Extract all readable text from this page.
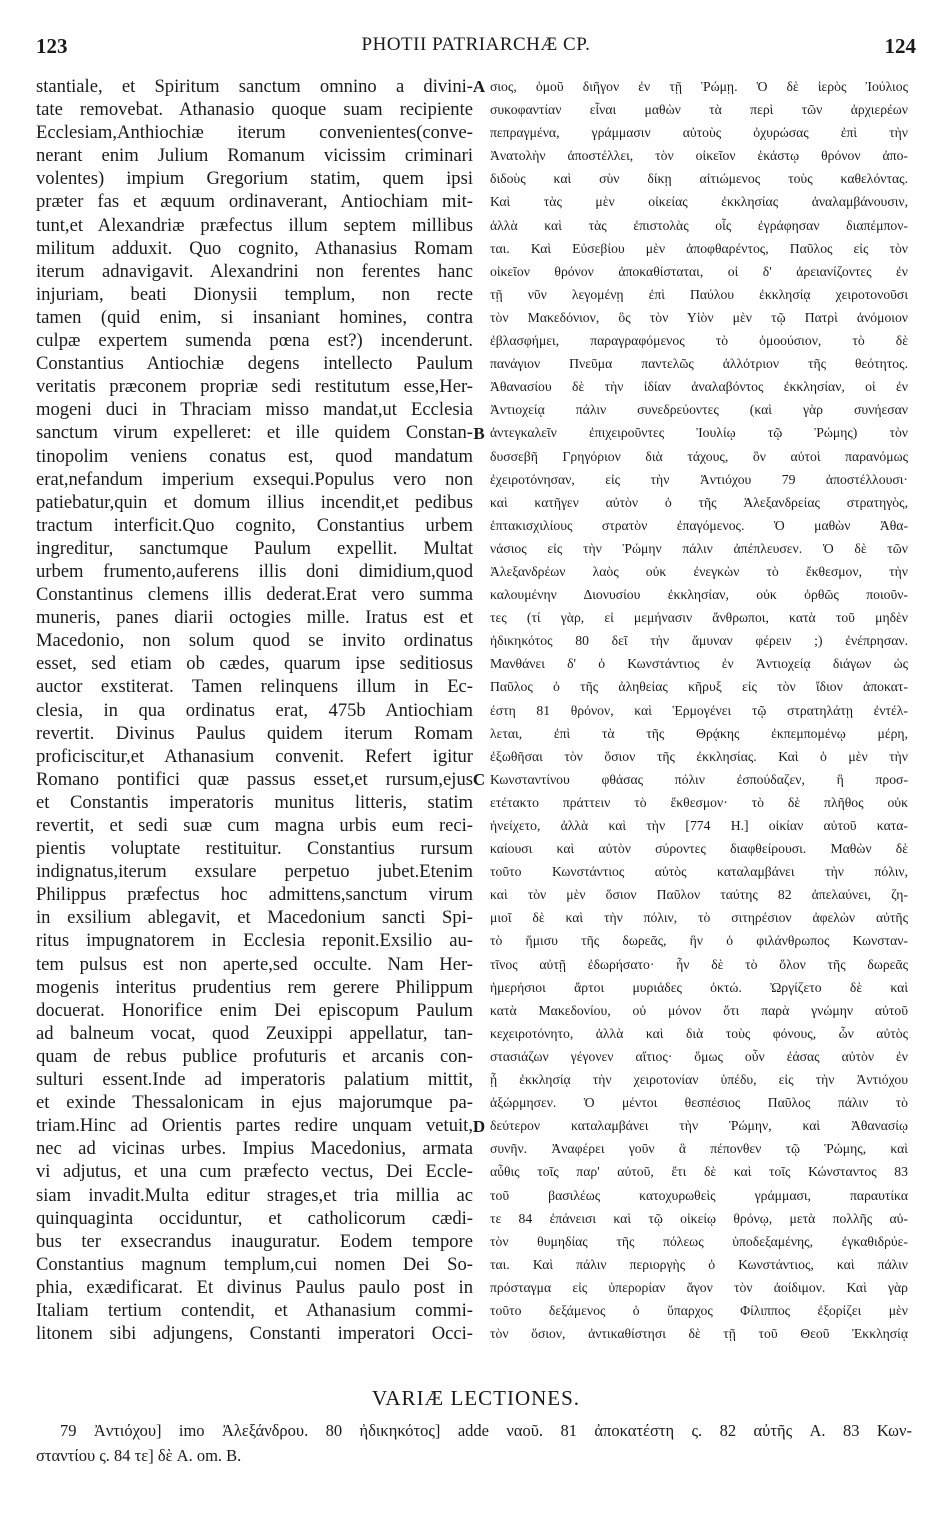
123	PHOTII PATRIARCHÆ CP.	124
stantiale, et Spiritum sanctum omnino a divini-
tate removebat. Athanasio quoque suam recipiente
Ecclesiam,Anthiochiæ iterum convenientes(conve-
nerant enim Julium Romanum vicissim criminari
volentes) impium Gregorium statim, quem ipsi
præter fas et æquum ordinaverant, Antiochiam mit-
tunt,et Alexandriæ præfectus illum septem millibus
militum adduxit. Quo cognito, Athanasius Romam
iterum adnavigavit. Alexandrini non ferentes hanc
injuriam, beati Dionysii templum, non recte
tamen (quid enim, si insaniant homines, contra
culpæ expertem sumenda pœna est?) incenderunt.
Constantius Antiochiæ degens intellecto Paulum
veritatis præconem propriæ sedi restitutum esse,Her-
mogeni duci in Thraciam misso mandat,ut Ecclesia
sanctum virum expelleret: et ille quidem Constan-
tinopolim veniens conatus est, quod mandatum
erat,nefandum imperium exsequi.Populus vero non
patiebatur,quin et domum illius incendit,et pedibus
tractum interficit.Quo cognito, Constantius urbem
ingreditur, sanctumque Paulum expellit. Multat
urbem frumento,auferens illis doni dimidium,quod
Constantinus clemens illis dederat.Erat vero summa
muneris, panes diarii octogies mille. Iratus est et
Macedonio, non solum quod se invito ordinatus
esset, sed etiam ob cædes, quarum ipse seditiosus
auctor exstiterat. Tamen relinquens illum in Ec-
clesia, in qua ordinatus erat, 475b Antiochiam
revertit. Divinus Paulus quidem iterum Romam
proficiscitur,et Athanasium convenit. Refert igitur
Romano pontifici quæ passus esset,et rursum,ejus
et Constantis imperatoris munitus litteris, statim
revertit, et sedi suæ cum magna urbis eum reci-
pientis voluptate restituitur. Constantius rursum
indignatus,iterum exsulare perpetuo jubet.Etenim
Philippus præfectus hoc admittens,sanctum virum
in exsilium ablegavit, et Macedonium sancti Spi-
ritus impugnatorem in Ecclesia reponit.Exsilio au-
tem pulsus est non aperte,sed occulte. Nam Her-
mogenis interitus prudentius rem gerere Philippum
docuerat. Honorifice enim Dei episcopum Paulum
ad balneum vocat, quod Zeuxippi appellatur, tan-
quam de rebus publice profuturis et arcanis con-
sulturi essent.Inde ad imperatoris palatium mittit,
et exinde Thessalonicam in ejus majorumque pa-
triam.Hinc ad Orientis partes redire unquam vetuit,
nec ad vicinas urbes. Impius Macedonius, armata
vi adjutus, et una cum præfecto vectus, Dei Eccle-
siam invadit.Multa editur strages,et tria millia ac
quinquaginta occiduntur, et catholicorum cædi-
bus ter exsecrandus inauguratur. Eodem tempore
Constantius magnum templum,cui nomen Dei So-
phia, exædificarat. Et divinus Paulus paulo post in
Italiam tertium contendit, et Athanasium commi-
litonem sibi adjungens, Constanti imperatori Occi-
A
B
C
D
σιος, ὁμοῦ διῆγον ἐν τῇ Ῥώμῃ. Ὁ δὲ ἱερὸς Ἰούλιος
συκοφαντίαν εἶναι μαθὼν τὰ περὶ τῶν ἀρχιερέων
πεπραγμένα, γράμμασιν αὐτοὺς ὀχυρώσας ἐπὶ τὴν
Ἀνατολὴν ἀποστέλλει, τὸν οἰκεῖον ἑκάστῳ θρόνον ἀπο-
διδοὺς καὶ σὺν δίκῃ αἰτιώμενος τοὺς καθελόντας.
Καὶ τὰς μὲν οἰκείας ἐκκλησίας ἀναλαμβάνουσιν,
ἀλλὰ καὶ τὰς ἐπιστολὰς οἷς ἐγράφησαν διαπέμπον-
ται. Καὶ Εὐσεβίου μὲν ἀποφθαρέντος, Παῦλος εἰς τὸν
οἰκεῖον θρόνον ἀποκαθίσταται, οἱ δ' ἀρειανίζοντες ἐν
τῇ νῦν λεγομένῃ ἐπὶ Παύλου ἐκκλησίᾳ χειροτονοῦσι
τὸν Μακεδόνιον, ὃς τὸν Υἱὸν μὲν τῷ Πατρὶ ἀνόμοιον
ἐβλασφήμει, παραγραφόμενος τὸ ὁμοούσιον, τὸ δὲ
πανάγιον Πνεῦμα παντελῶς ἀλλότριον τῆς θεότητος.
Ἀθανασίου δὲ τὴν ἰδίαν ἀναλαβόντος ἐκκλησίαν, οἱ ἐν
Ἀντιοχείᾳ πάλιν συνεδρεύοντες (καὶ γὰρ συνήεσαν
ἀντεγκαλεῖν ἐπιχειροῦντες Ἰουλίῳ τῷ Ῥώμης) τὸν
δυσσεβῆ Γρηγόριον διὰ τάχους, ὃν αὐτοὶ παρανόμως
ἐχειροτόνησαν, εἰς τὴν Ἀντιόχου 79 ἀποστέλλουσι·
καὶ κατῆγεν αὐτὸν ὁ τῆς Ἀλεξανδρείας στρατηγὸς,
ἑπτακισχιλίους στρατὸν ἐπαγόμενος. Ὁ μαθὼν Ἀθα-
νάσιος εἰς τὴν Ῥώμην πάλιν ἀπέπλευσεν. Ὁ δὲ τῶν
Ἀλεξανδρέων λαὸς οὐκ ἐνεγκὼν τὸ ἔκθεσμον, τὴν
καλουμένην Διονυσίου ἐκκλησίαν, οὐκ ὀρθῶς ποιοῦν-
τες (τί γὰρ, εἰ μεμήνασιν ἄνθρωποι, κατὰ τοῦ μηδὲν
ἠδικηκότος 80 δεῖ τὴν ἄμυναν φέρειν ;) ἐνέπρησαν.
Μανθάνει δ' ὁ Κωνστάντιος ἐν Ἀντιοχείᾳ διάγων ὡς
Παῦλος ὁ τῆς ἀληθείας κῆρυξ εἰς τὸν ἴδιον ἀποκατ-
έστη 81 θρόνον, καὶ Ἑρμογένει τῷ στρατηλάτῃ ἐντέλ-
λεται, ἐπὶ τὰ τῆς Θρᾴκης ἐκπεμπομένῳ μέρη,
ἐξωθῆσαι τὸν ὅσιον τῆς ἐκκλησίας. Καὶ ὁ μὲν τὴν
Κωνσταντίνου φθάσας πόλιν ἐσπούδαζεν, ἣ προσ-
ετέτακτο πράττειν τὸ ἔκθεσμον· τὸ δὲ πλῆθος οὐκ
ἠνείχετο, ἀλλὰ καὶ τὴν [774 H.] οἰκίαν αὐτοῦ κατα-
καίουσι καὶ αὐτὸν σύροντες διαφθείρουσι. Μαθὼν δὲ
τοῦτο Κωνστάντιος αὐτὸς καταλαμβάνει τὴν πόλιν,
καὶ τὸν μὲν ὅσιον Παῦλον ταύτης 82 ἀπελαύνει, ζη-
μιοῖ δὲ καὶ τὴν πόλιν, τὸ σιτηρέσιον ἀφελὼν αὐτῆς
τὸ ἥμισυ τῆς δωρεᾶς, ἣν ὁ φιλάνθρωπος Κωνσταν-
τῖνος αὐτῇ ἐδωρήσατο· ἦν δὲ τὸ ὅλον τῆς δωρεᾶς
ἡμερήσιοι ἄρτοι μυριάδες ὀκτώ. Ὠργίζετο δὲ καὶ
κατὰ Μακεδονίου, οὐ μόνον ὅτι παρὰ γνώμην αὐτοῦ
κεχειροτόνητο, ἀλλὰ καὶ διὰ τοὺς φόνους, ὧν αὐτὸς
στασιάζων γέγονεν αἴτιος· ὅμως οὖν ἐάσας αὐτὸν ἐν
ᾗ ἐκκλησίᾳ τὴν χειροτονίαν ὑπέδυ, εἰς τὴν Ἀντιόχου
ἀξώρμησεν. Ὁ μέντοι θεσπέσιος Παῦλος πάλιν τὸ
δεύτερον καταλαμβάνει τὴν Ῥώμην, καὶ Ἀθανασίῳ
συνῆν. Ἀναφέρει γοῦν ἃ πέπονθεν τῷ Ῥώμης, καὶ
αὖθις τοῖς παρ' αὐτοῦ, ἔτι δὲ καὶ τοῖς Κώνσταντος 83
τοῦ βασιλέως κατοχυρωθεὶς γράμμασι, παραυτίκα
τε 84 ἐπάνεισι καὶ τῷ οἰκείῳ θρόνῳ, μετὰ πολλῆς αὐ-
τὸν θυμηδίας τῆς πόλεως ὑποδεξαμένης, ἐγκαθιδρύε-
ται. Καὶ πάλιν περιοργὴς ὁ Κωνστάντιος, καὶ πάλιν
πρόσταγμα εἰς ὑπερορίαν ἄγον τὸν ἀοίδιμον. Καὶ γὰρ
τοῦτο δεξάμενος ὁ ὕπαρχος Φίλιππος ἐξορίζει μὲν
τὸν ὅσιον, ἀντικαθίστησι δὲ τῇ τοῦ Θεοῦ Ἐκκλησίᾳ
VARIÆ LECTIONES.
79 Ἀντιόχου] imo Ἀλεξάνδρου. 80 ἠδικηκότος] adde ναοῦ. 81 ἀποκατέστη ς. 82 αὐτῆς A. 83 Κων-
σταντίου ς. 84 τε] δὲ A. om. B.
